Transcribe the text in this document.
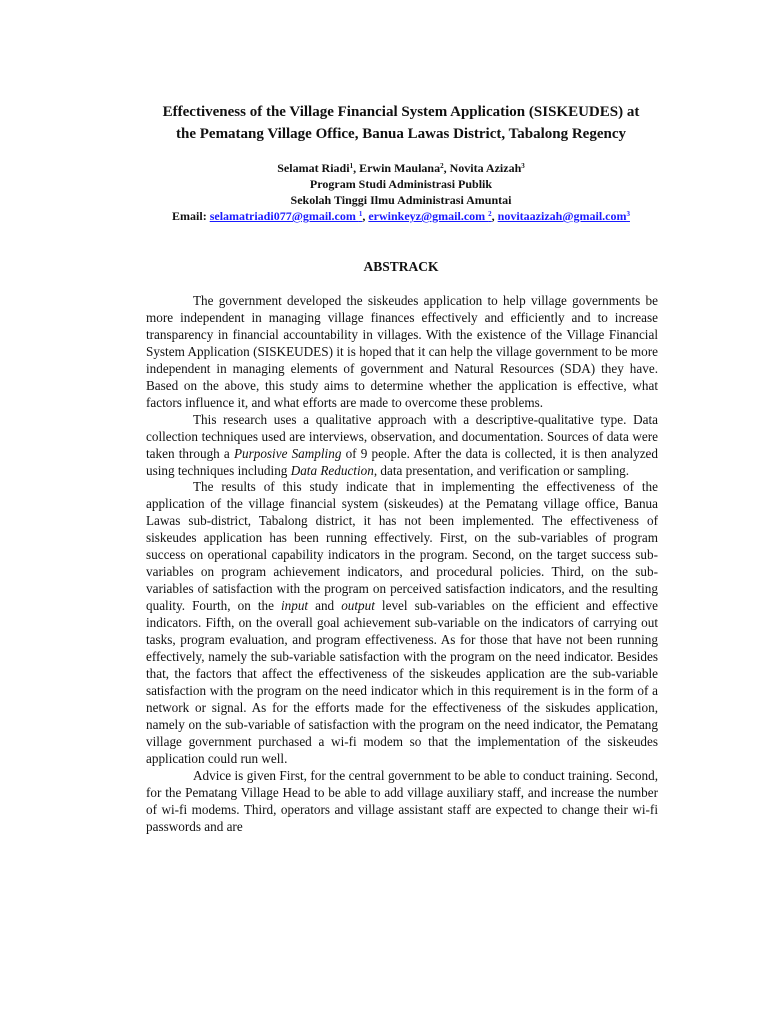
Effectiveness of the Village Financial System Application (SISKEUDES) at
the Pematang Village Office, Banua Lawas District, Tabalong Regency
Selamat Riadi$^1$, Erwin Maulana$^2$, Novita Azizah$^3$
Program Studi Administrasi Publik
Sekolah Tinggi Ilmu Administrasi Amuntai
Email: selamatriadi077@gmail.com $^1$, erwinkeyz@gmail.com $^2$, novitaazizah@gmail.com$^3$
ABSTRACK

The government developed the siskeudes application to help village governments be more independent in managing village finances effectively and efficiently and to increase transparency in financial accountability in villages. With the existence of the Village Financial System Application (SISKEUDES) it is hoped that it can help the village government to be more independent in managing elements of government and Natural Resources (SDA) they have. Based on the above, this study aims to determine whether the application is effective, what factors influence it, and what efforts are made to overcome these problems.

This research uses a qualitative approach with a descriptive-qualitative type. Data collection techniques used are interviews, observation, and documentation. Sources of data were taken through a Purposive Sampling of 9 people. After the data is collected, it is then analyzed using techniques including Data Reduction, data presentation, and verification or sampling.

The results of this study indicate that in implementing the effectiveness of the application of the village financial system (siskeudes) at the Pematang village office, Banua Lawas sub-district, Tabalong district, it has not been implemented. The effectiveness of siskeudes application has been running effectively. First, on the sub-variables of program success on operational capability indicators in the program. Second, on the target success sub-variables on program achievement indicators, and procedural policies. Third, on the sub-variables of satisfaction with the program on perceived satisfaction indicators, and the resulting quality. Fourth, on the input and output level sub-variables on the efficient and effective indicators. Fifth, on the overall goal achievement sub-variable on the indicators of carrying out tasks, program evaluation, and program effectiveness. As for those that have not been running effectively, namely the sub-variable satisfaction with the program on the need indicator. Besides that, the factors that affect the effectiveness of the siskeudes application are the sub-variable satisfaction with the program on the need indicator which in this requirement is in the form of a network or signal. As for the efforts made for the effectiveness of the siskudes application, namely on the sub-variable of satisfaction with the program on the need indicator, the Pematang village government purchased a wi-fi modem so that the implementation of the siskeudes application could run well.

Advice is given First, for the central government to be able to conduct training. Second, for the Pematang Village Head to be able to add village auxiliary staff, and increase the number of wi-fi modems. Third, operators and village assistant staff are expected to change their wi-fi passwords and are
